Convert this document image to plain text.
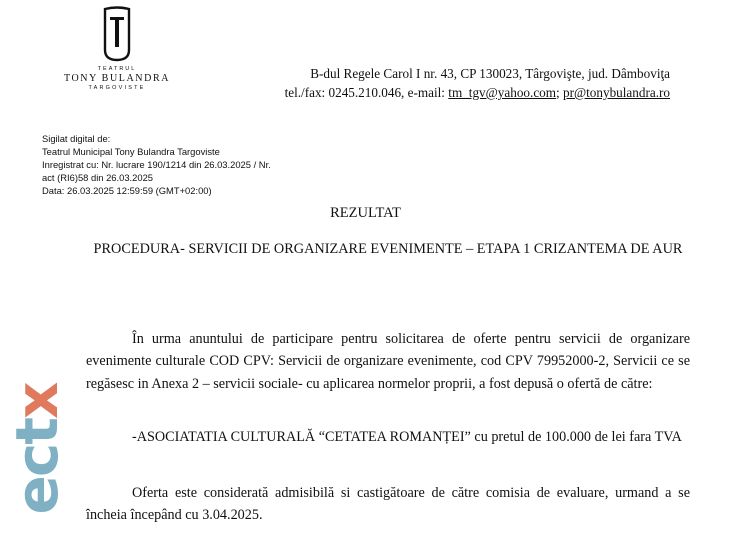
TEATRUL
TONY BULANDRA
TARGOVISTE
B-dul Regele Carol I nr. 43, CP 130023, Târgovişte, jud. Dâmboviţa
tel./fax: 0245.210.046, e-mail: tm_tgv@yahoo.com; pr@tonybulandra.ro
Sigilat digital de:
Teatrul Municipal Tony Bulandra Targoviste
Inregistrat cu: Nr. lucrare 190/1214 din 26.03.2025 / Nr.
act (RI6)58 din 26.03.2025
Data: 26.03.2025 12:59:59 (GMT+02:00)
REZULTAT
PROCEDURA- SERVICII DE ORGANIZARE EVENIMENTE – ETAPA 1 CRIZANTEMA DE AUR
În urma anuntului de participare pentru solicitarea de oferte pentru servicii de organizare evenimente culturale COD CPV: Servicii de organizare evenimente, cod CPV 79952000-2, Servicii ce se regăsesc in Anexa 2 – servicii sociale- cu aplicarea normelor proprii, a fost depusă o ofertă de către:
-ASOCIATATIA CULTURALĂ “CETATEA ROMANȚEI” cu pretul de 100.000 de lei fara TVA
Oferta este considerată admisibilă si castigătoare de către comisia de evaluare, urmand a se încheia începând cu 3.04.2025.
ectx
